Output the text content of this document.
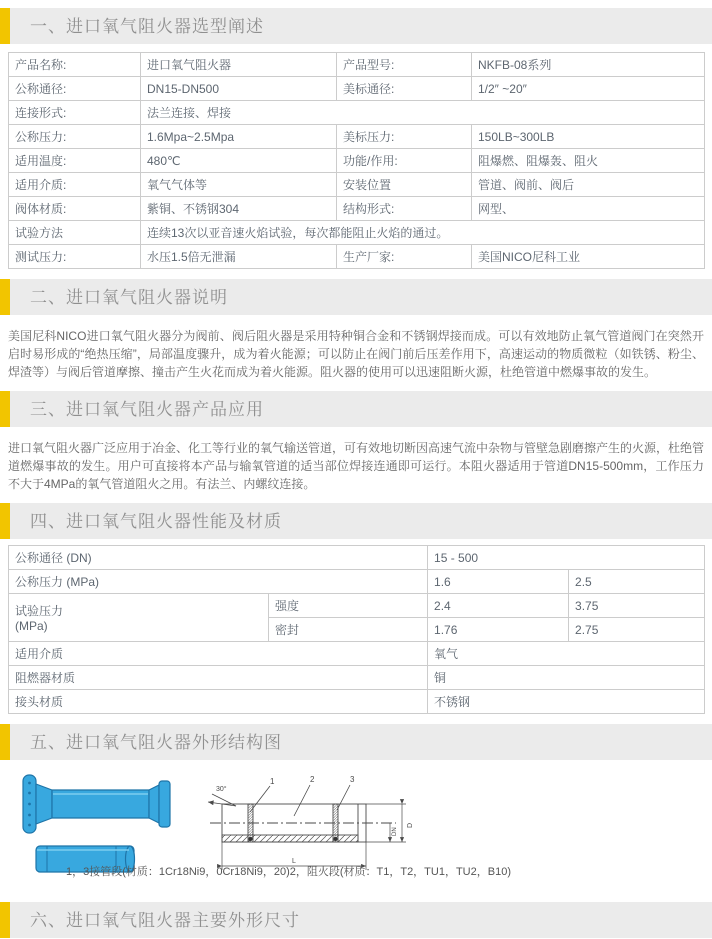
一、进口氧气阻火器选型阐述
产品名称:	进口氧气阻火器	产品型号:	NKFB-08系列
公称通径:	DN15-DN500	美标通径:	1/2″ ~20″
连接形式:	法兰连接、焊接		
公称压力:	1.6Mpa~2.5Mpa	美标压力:	150LB~300LB
适用温度:	480℃	功能/作用:	阻爆燃、阻爆轰、阻火
适用介质:	氧气气体等	安装位置	管道、阀前、阀后
阀体材质:	紫铜、不锈钢304	结构形式:	网型、
试验方法	连续13次以亚音速火焰试验，每次都能阻止火焰的通过。		
测试压力:	水压1.5倍无泄漏	生产厂家:	美国NICO尼科工业
二、进口氧气阻火器说明

美国尼科NICO进口氧气阻火器分为阀前、阀后阻火器是采用特种铜合金和不锈钢焊接而成。可以有效地防止氧气管道阀门在突然开启时易形成的“绝热压缩”，局部温度骤升，成为着火能源；可以防止在阀门前后压差作用下，高速运动的物质微粒（如铁锈、粉尘、焊渣等）与阀后管道摩擦、撞击产生火花而成为着火能源。阻火器的使用可以迅速阻断火源，杜绝管道中燃爆事故的发生。

三、进口氧气阻火器产品应用

进口氧气阻火器广泛应用于冶金、化工等行业的氧气输送管道，可有效地切断因高速气流中杂物与管壁急剧磨擦产生的火源，杜绝管道燃爆事故的发生。用户可直接将本产品与输氧管道的适当部位焊接连通即可运行。本阻火器适用于管道DN15-500mm，工作压力不大于4MPa的氧气管道阻火之用。有法兰、内螺纹连接。

四、进口氧气阻火器性能及材质
公称通径 (DN)		15 - 500	
公称压力 (MPa)		1.6	2.5

试验压力
(MPa)	强度	2.4	3.75
	密封	1.76	2.75
适用介质		氧气	
阻燃器材质		铜	
接头材质		不锈钢	
五、进口氧气阻火器外形结构图
30°
1	2	3
D
DN
L
1，3接管段(材质：1Cr18Ni9，0Cr18Ni9，20)2，阻火段(材质：T1，T2，TU1，TU2，B10)
六、进口氧气阻火器主要外形尺寸
